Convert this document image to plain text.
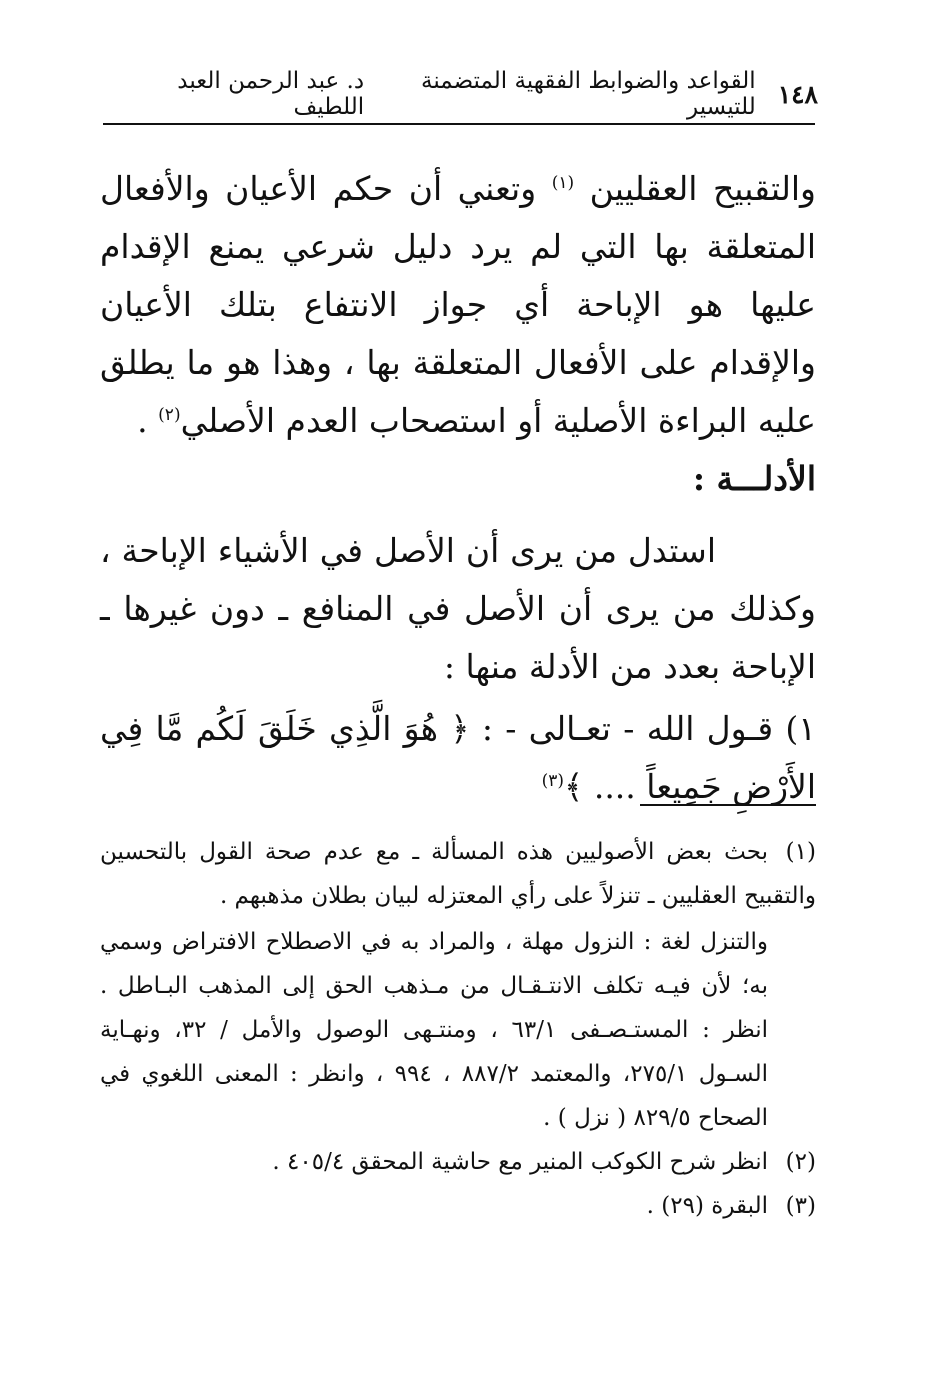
١٤٨
القواعد والضوابط الفقهية المتضمنة للتيسير
د. عبد الرحمن العبد اللطيف

والتقبيح العقليين $^{(١)}$ وتعني أن حكم الأعيان والأفعال المتعلقة بها التي لم يرد دليل شرعي يمنع الإقدام عليها هو الإباحة أي جواز الانتفاع بتلك الأعيان والإقدام على الأفعال المتعلقة بها ، وهذا هو ما يطلق عليه البراءة الأصلية أو استصحاب العدم الأصلي$^{(٢)}$ .

الأدلـــة :

استدل من يرى أن الأصل في الأشياء الإباحة ، وكذلك من يرى أن الأصل في المنافع ـ دون غيرها ـ الإباحة بعدد من الأدلة منها :

١) قـول الله - تعـالى - : ﴿ هُوَ الَّذِي خَلَقَ لَكُم مَّا فِي الأَرْضِ جَمِيعاً .... ﴾$^{(٣)}$

(١)بحث بعض الأصوليين هذه المسألة ـ مع عدم صحة القول بالتحسين والتقبيح العقليين ـ تنزلاً على رأي المعتزله لبيان بطلان مذهبهم .

والتنزل لغة : النزول مهلة ، والمراد به في الاصطلاح الافتراض وسمي به؛ لأن فيـه تكلف الانتـقـال من مـذهب الحق إلى المذهب البـاطل . انظر : المستـصـفى ٦٣/١ ، ومنتـهى الوصول والأمل / ٣٢، ونهـاية السـول ٢٧٥/١، والمعتمد ٨٨٧/٢ ، ٩٩٤ ، وانظر : المعنى اللغوي في الصحاح ٨٢٩/٥ ( نزل ) .

(٢)انظر شرح الكوكب المنير مع حاشية المحقق ٤٠٥/٤ .

(٣)البقرة (٢٩) .
